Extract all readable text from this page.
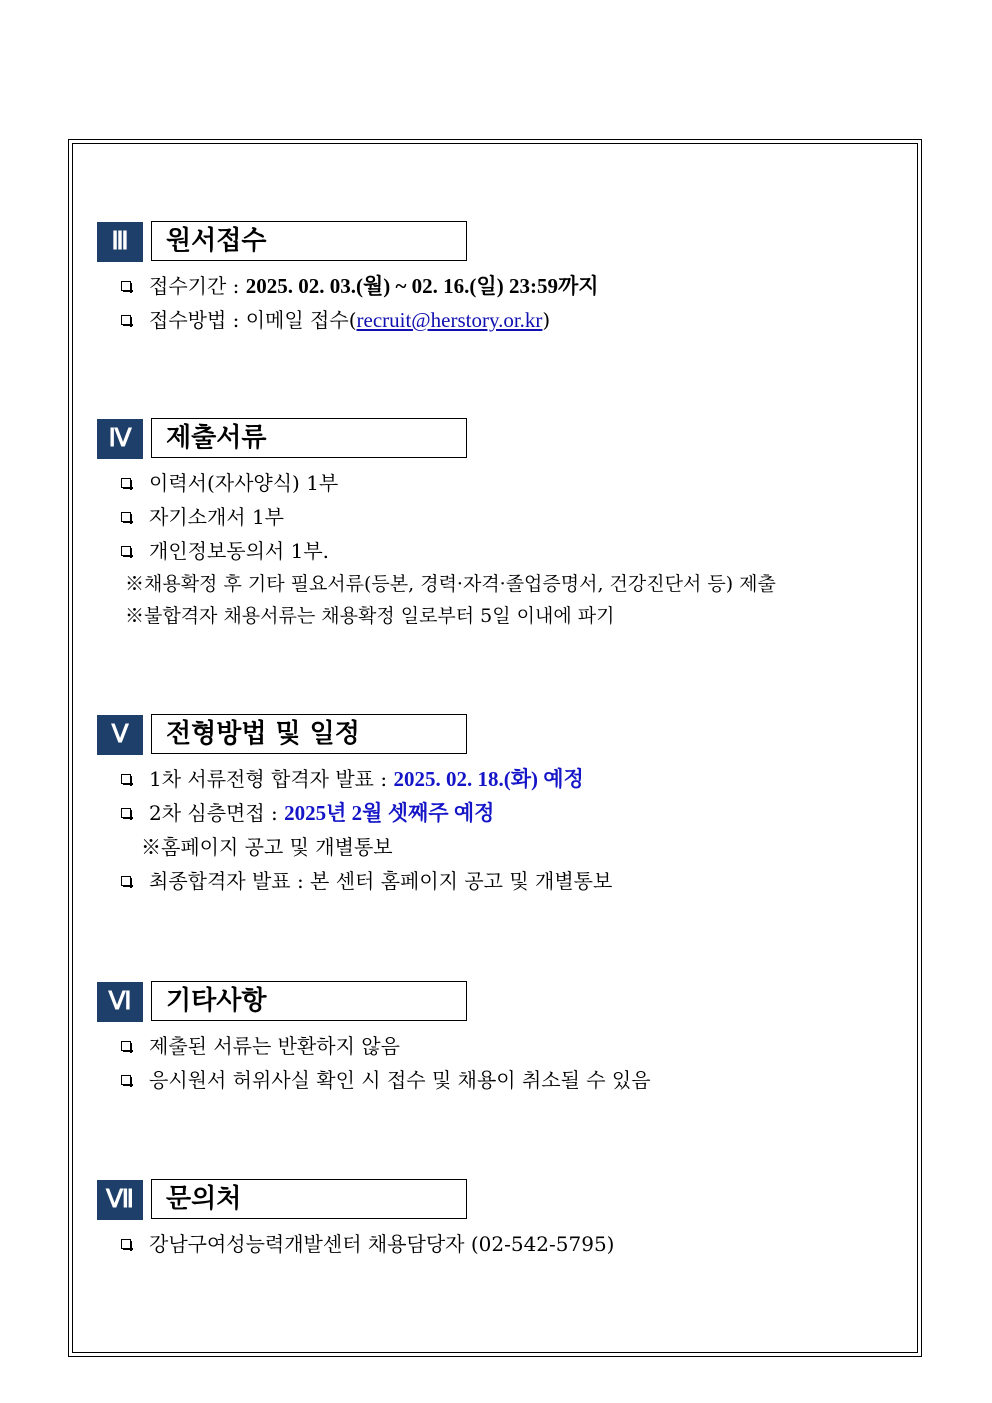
Ⅲ	원서접수
접수기간 : 2025. 02. 03.(월) ~ 02. 16.(일) 23:59까지
접수방법 : 이메일 접수(recruit@herstory.or.kr)
Ⅳ	제출서류
이력서(자사양식) 1부
자기소개서 1부
개인정보동의서 1부.
※채용확정 후 기타 필요서류(등본, 경력·자격·졸업증명서, 건강진단서 등) 제출
※불합격자 채용서류는 채용확정 일로부터 5일 이내에 파기
Ⅴ	전형방법 및 일정
1차 서류전형 합격자 발표 : 2025. 02. 18.(화) 예정
2차 심층면접 : 2025년 2월 셋째주 예정
※홈페이지 공고 및 개별통보
최종합격자 발표 : 본 센터 홈페이지 공고 및 개별통보
Ⅵ	기타사항
제출된 서류는 반환하지 않음
응시원서 허위사실 확인 시 접수 및 채용이 취소될 수 있음
Ⅶ	문의처
강남구여성능력개발센터 채용담당자 (02-542-5795)
